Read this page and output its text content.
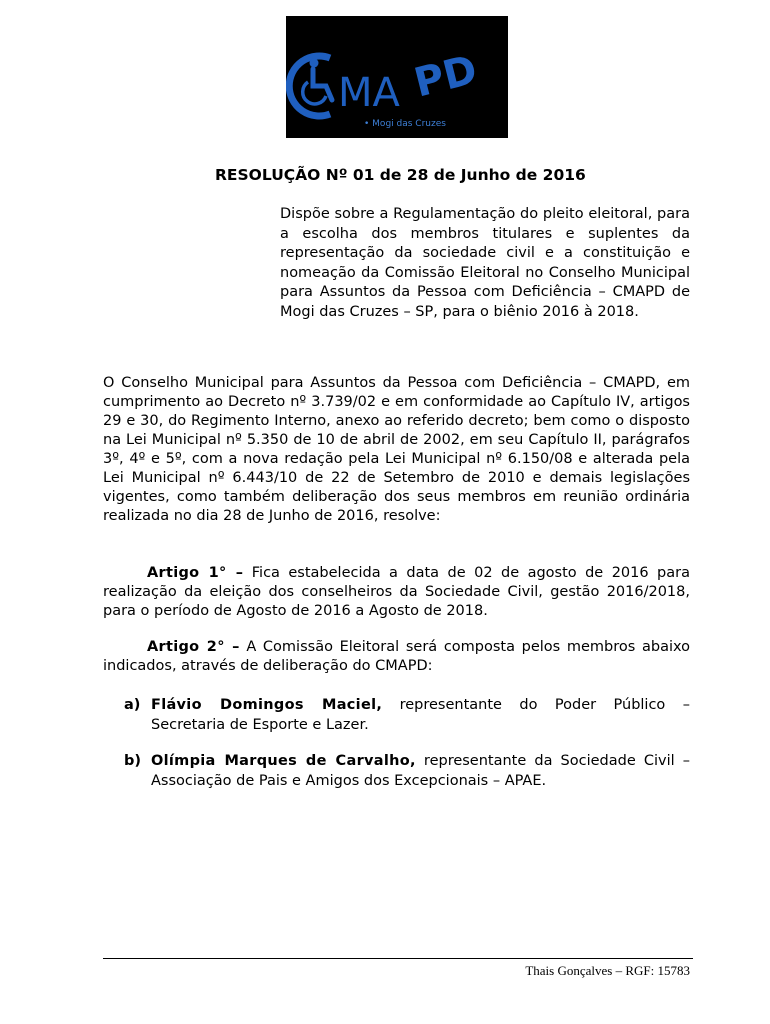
MA PD
• Mogi das Cruzes
RESOLUÇÃO Nº 01 de 28 de Junho de 2016
Dispõe sobre a Regulamentação do pleito eleitoral, para a escolha dos membros titulares e suplentes da representação da sociedade civil e a constituição e nomeação da Comissão Eleitoral no Conselho Municipal para Assuntos da Pessoa com Deficiência – CMAPD de Mogi das Cruzes – SP, para o biênio 2016 à 2018.
O Conselho Municipal para Assuntos da Pessoa com Deficiência – CMAPD, em cumprimento ao Decreto nº 3.739/02 e em conformidade ao Capítulo IV, artigos 29 e 30, do Regimento Interno, anexo ao referido decreto; bem como o disposto na Lei Municipal nº 5.350 de 10 de abril de 2002, em seu Capítulo II, parágrafos 3º, 4º e 5º, com a nova redação pela Lei Municipal nº 6.150/08 e alterada pela Lei Municipal nº 6.443/10 de 22 de Setembro de 2010 e demais legislações vigentes, como também deliberação dos seus membros em reunião ordinária realizada no dia 28 de Junho de 2016, resolve:
Artigo 1° – Fica estabelecida a data de 02 de agosto de 2016 para realização da eleição dos conselheiros da Sociedade Civil, gestão 2016/2018, para o período de Agosto de 2016 a Agosto de 2018.
Artigo 2° – A Comissão Eleitoral será composta pelos membros abaixo indicados, através de deliberação do CMAPD:
a) Flávio Domingos Maciel, representante do Poder Público –
Secretaria de Esporte e Lazer.
b) Olímpia Marques de Carvalho, representante da Sociedade Civil –
Associação de Pais e Amigos dos Excepcionais – APAE.
Thais Gonçalves – RGF: 15783
